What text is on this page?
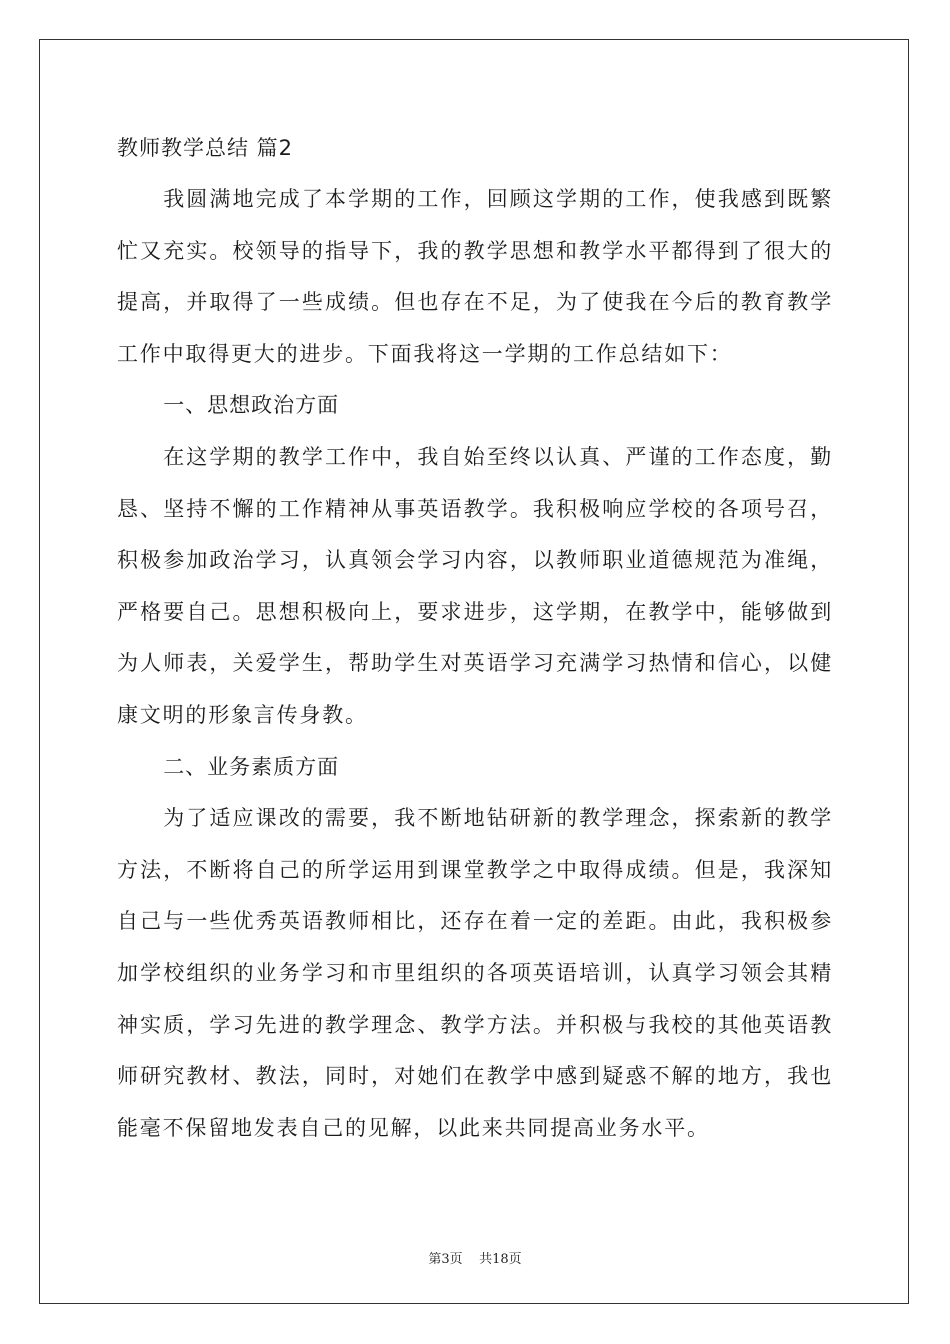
教师教学总结 篇2

我圆满地完成了本学期的工作，回顾这学期的工作，使我感到既繁忙又充实。校领导的指导下，我的教学思想和教学水平都得到了很大的提高，并取得了一些成绩。但也存在不足，为了使我在今后的教育教学工作中取得更大的进步。下面我将这一学期的工作总结如下：

一、思想政治方面

在这学期的教学工作中，我自始至终以认真、严谨的工作态度，勤恳、坚持不懈的工作精神从事英语教学。我积极响应学校的各项号召，积极参加政治学习，认真领会学习内容，以教师职业道德规范为准绳，严格要自己。思想积极向上，要求进步，这学期，在教学中，能够做到为人师表，关爱学生，帮助学生对英语学习充满学习热情和信心，以健康文明的形象言传身教。

二、业务素质方面

为了适应课改的需要，我不断地钻研新的教学理念，探索新的教学方法，不断将自己的所学运用到课堂教学之中取得成绩。但是，我深知自己与一些优秀英语教师相比，还存在着一定的差距。由此，我积极参加学校组织的业务学习和市里组织的各项英语培训，认真学习领会其精神实质，学习先进的教学理念、教学方法。并积极与我校的其他英语教师研究教材、教法，同时，对她们在教学中感到疑惑不解的地方，我也能毫不保留地发表自己的见解，以此来共同提高业务水平。

第3页 共18页
